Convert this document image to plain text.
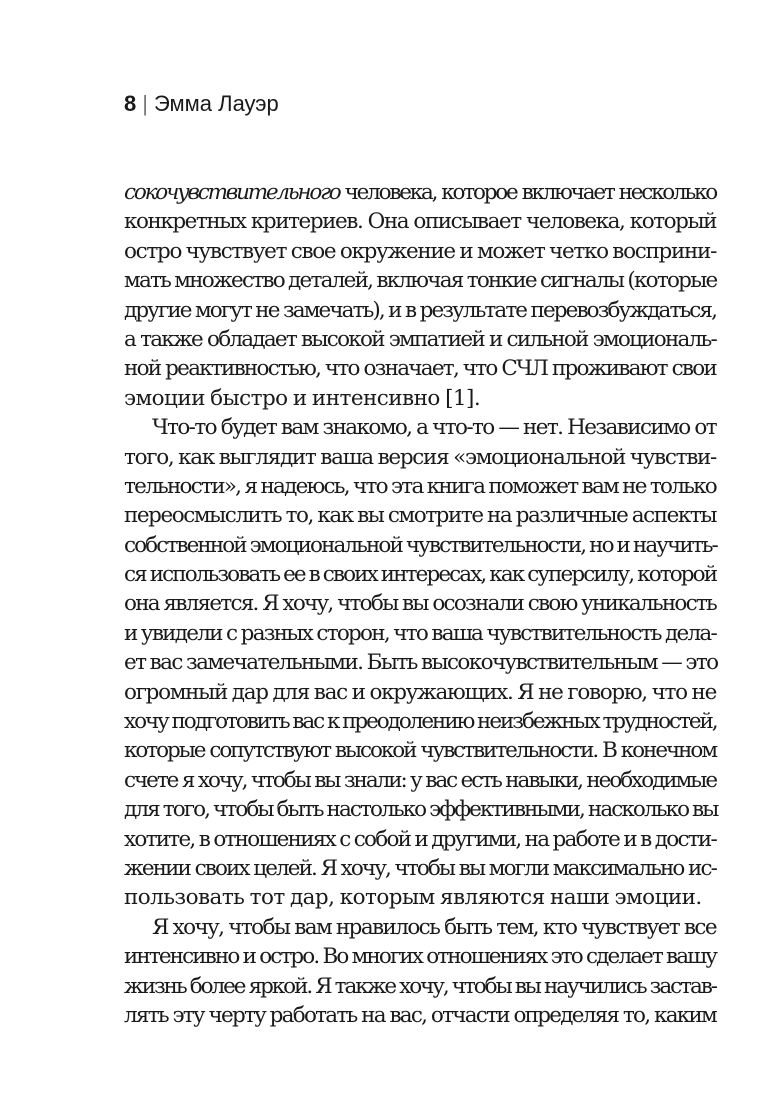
8 | Эмма Лауэр
сокочувствительного человека, которое включает несколько
конкретных критериев. Она описывает человека, который
остро чувствует свое окружение и может четко восприни-
мать множество деталей, включая тонкие сигналы (которые
другие могут не замечать), и в результате перевозбуждаться,
а также обладает высокой эмпатией и сильной эмоциональ-
ной реактивностью, что означает, что СЧЛ проживают свои
эмоции быстро и интенсивно [1].
Что-то будет вам знакомо, а что-то — нет. Независимо от
того, как выглядит ваша версия «эмоциональной чувстви-
тельности», я надеюсь, что эта книга поможет вам не только
переосмыслить то, как вы смотрите на различные аспекты
собственной эмоциональной чувствительности, но и научить-
ся использовать ее в своих интересах, как суперсилу, которой
она является. Я хочу, чтобы вы осознали свою уникальность
и увидели с разных сторон, что ваша чувствительность дела-
ет вас замечательными. Быть высокочувствительным — это
огромный дар для вас и окружающих. Я не говорю, что не
хочу подготовить вас к преодолению неизбежных трудностей,
которые сопутствуют высокой чувствительности. В конечном
счете я хочу, чтобы вы знали: у вас есть навыки, необходимые
для того, чтобы быть настолько эффективными, насколько вы
хотите, в отношениях с собой и другими, на работе и в дости-
жении своих целей. Я хочу, чтобы вы могли максимально ис-
пользовать тот дар, которым являются наши эмоции.
Я хочу, чтобы вам нравилось быть тем, кто чувствует все
интенсивно и остро. Во многих отношениях это сделает вашу
жизнь более яркой. Я также хочу, чтобы вы научились застав-
лять эту черту работать на вас, отчасти определяя то, каким
